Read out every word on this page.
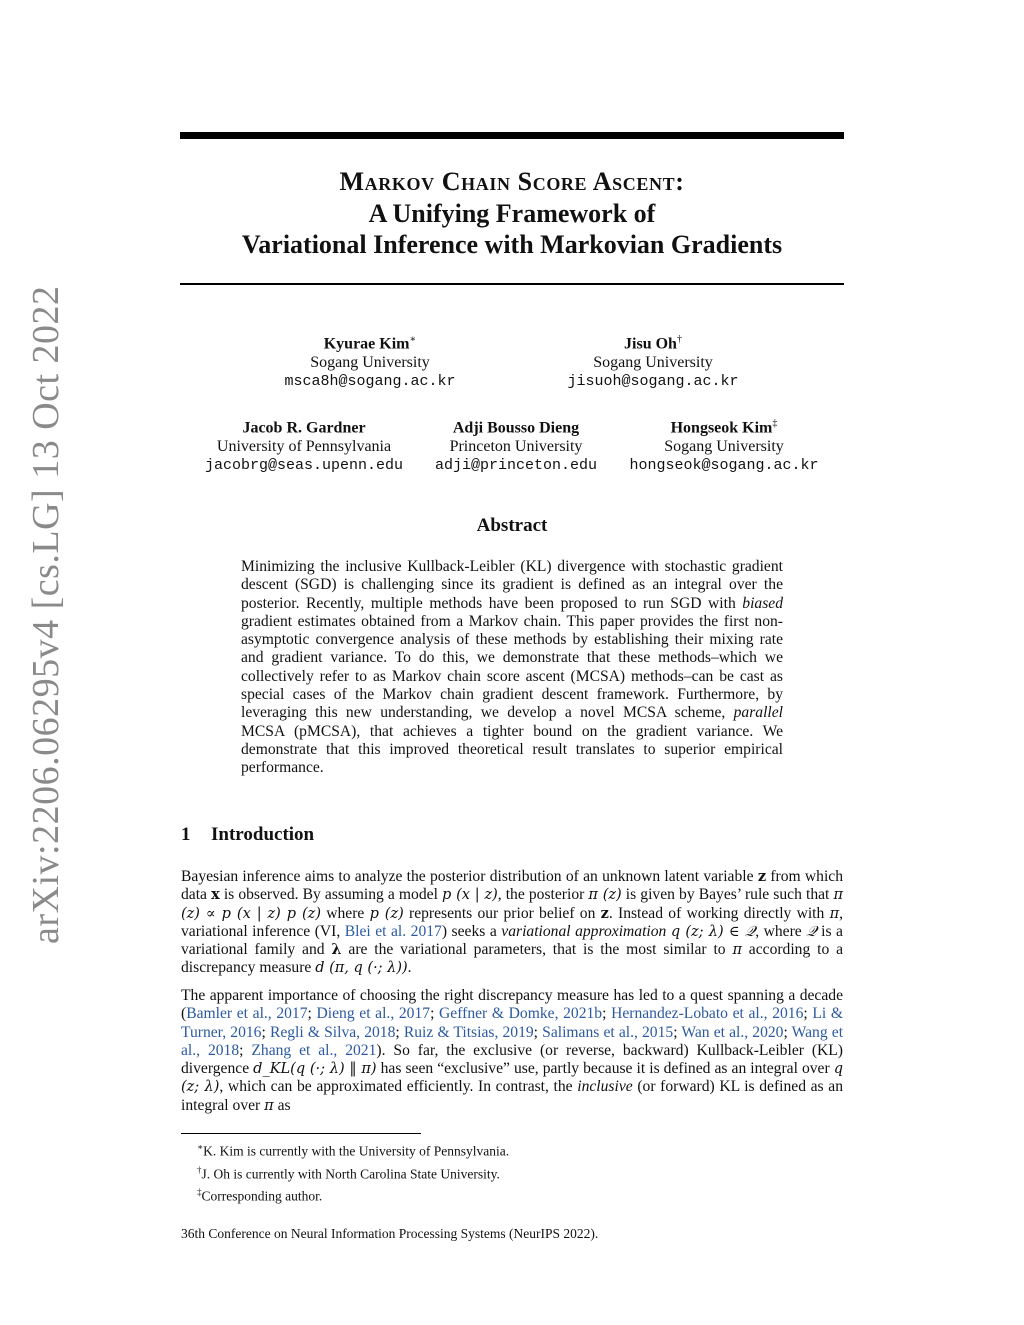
arXiv:2206.06295v4 [cs.LG] 13 Oct 2022
Markov Chain Score Ascent:
A Unifying Framework of
Variational Inference with Markovian Gradients
Kyurae Kim∗
Sogang University
msca8h@sogang.ac.kr
Jisu Oh†
Sogang University
jisuoh@sogang.ac.kr
Jacob R. Gardner
University of Pennsylvania
jacobrg@seas.upenn.edu
Adji Bousso Dieng
Princeton University
adji@princeton.edu
Hongseok Kim‡
Sogang University
hongseok@sogang.ac.kr
Abstract
Minimizing the inclusive Kullback-Leibler (KL) divergence with stochastic gradient descent (SGD) is challenging since its gradient is defined as an integral over the posterior. Recently, multiple methods have been proposed to run SGD with biased gradient estimates obtained from a Markov chain. This paper provides the first non-asymptotic convergence analysis of these methods by establishing their mixing rate and gradient variance. To do this, we demonstrate that these methods–which we collectively refer to as Markov chain score ascent (MCSA) methods–can be cast as special cases of the Markov chain gradient descent framework. Furthermore, by leveraging this new understanding, we develop a novel MCSA scheme, parallel MCSA (pMCSA), that achieves a tighter bound on the gradient variance. We demonstrate that this improved theoretical result translates to superior empirical performance.
1 Introduction
Bayesian inference aims to analyze the posterior distribution of an unknown latent variable z from which data x is observed. By assuming a model p (x | z), the posterior π (z) is given by Bayes’ rule such that π (z) ∝ p (x | z) p (z) where p (z) represents our prior belief on z. Instead of working directly with π, variational inference (VI, Blei et al. 2017) seeks a variational approximation q (z; λ) ∈ 𝒬, where 𝒬 is a variational family and λ are the variational parameters, that is the most similar to π according to a discrepancy measure d (π, q (·; λ)).
The apparent importance of choosing the right discrepancy measure has led to a quest spanning a decade (Bamler et al., 2017; Dieng et al., 2017; Geffner & Domke, 2021b; Hernandez-Lobato et al., 2016; Li & Turner, 2016; Regli & Silva, 2018; Ruiz & Titsias, 2019; Salimans et al., 2015; Wan et al., 2020; Wang et al., 2018; Zhang et al., 2021). So far, the exclusive (or reverse, backward) Kullback-Leibler (KL) divergence d_KL(q (·; λ) ‖ π) has seen “exclusive” use, partly because it is defined as an integral over q (z; λ), which can be approximated efficiently. In contrast, the inclusive (or forward) KL is defined as an integral over π as
∗K. Kim is currently with the University of Pennsylvania.
†J. Oh is currently with North Carolina State University.
‡Corresponding author.
36th Conference on Neural Information Processing Systems (NeurIPS 2022).
